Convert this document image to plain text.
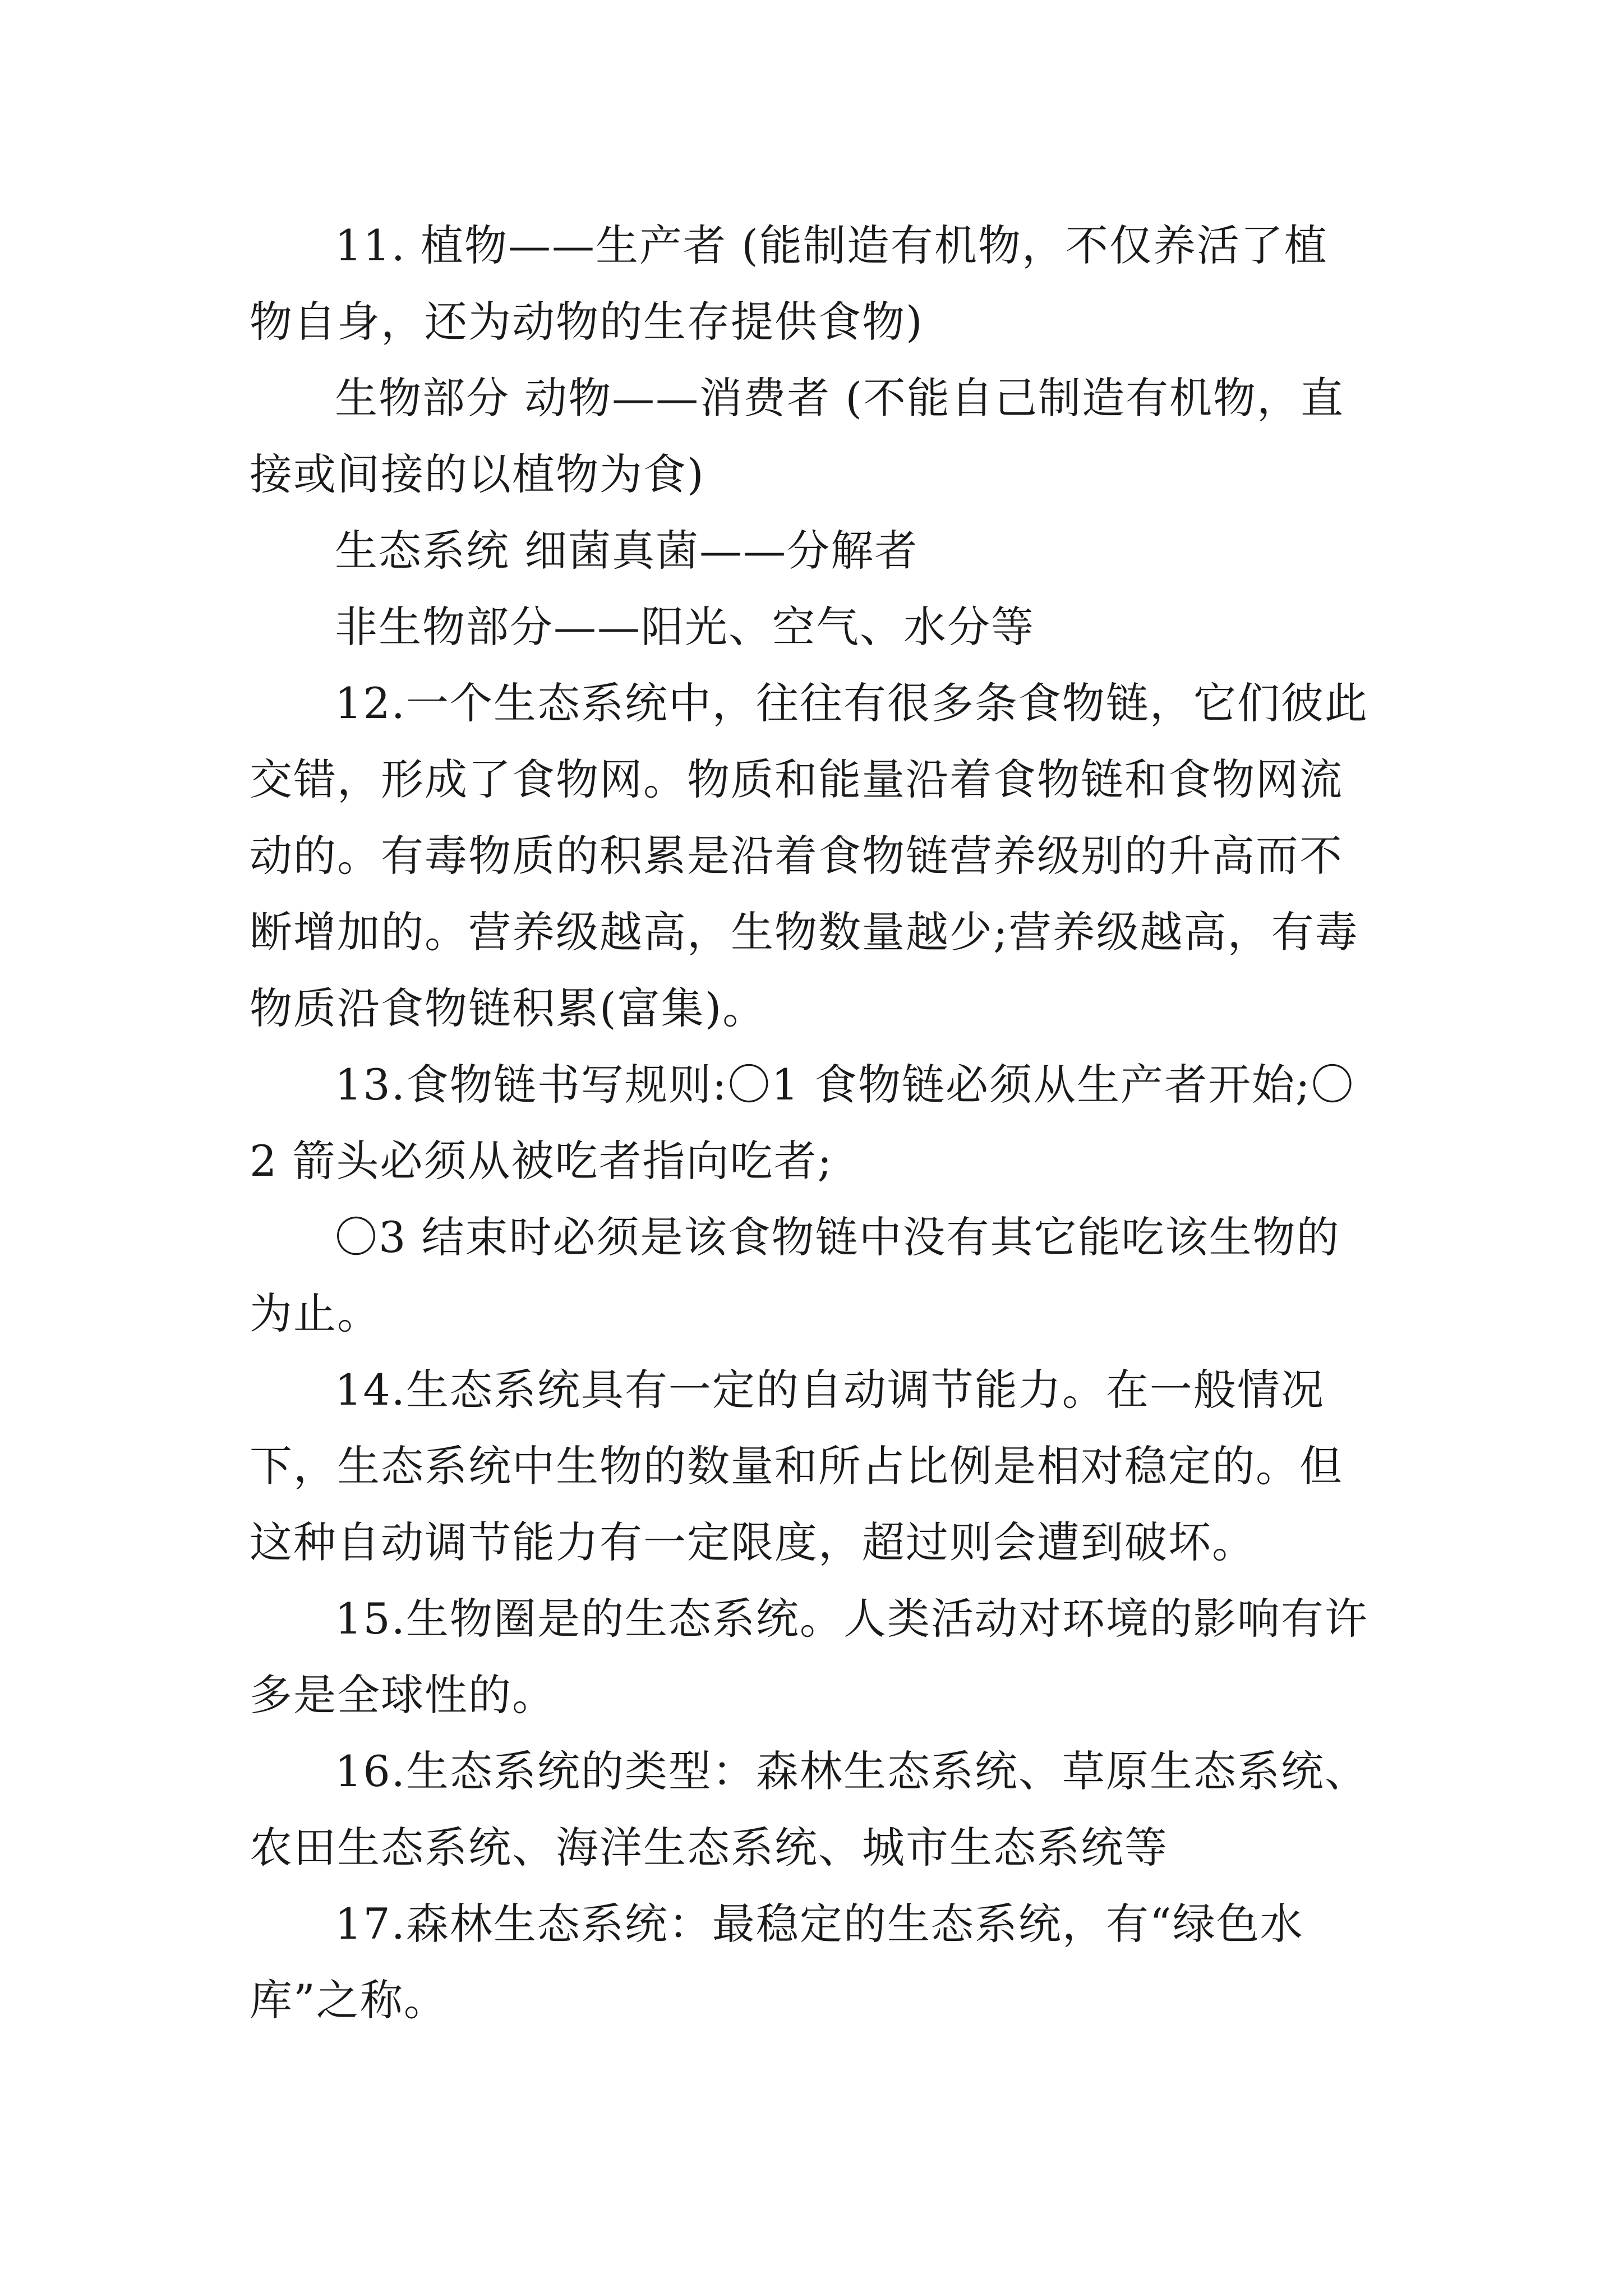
11. 植物——生产者 (能制造有机物，不仅养活了植物自身，还为动物的生存提供食物)

生物部分 动物——消费者 (不能自己制造有机物，直接或间接的以植物为食)

生态系统 细菌真菌——分解者

非生物部分——阳光、空气、水分等

12.一个生态系统中，往往有很多条食物链，它们彼此交错，形成了食物网。物质和能量沿着食物链和食物网流动的。有毒物质的积累是沿着食物链营养级别的升高而不断增加的。营养级越高，生物数量越少;营养级越高，有毒物质沿食物链积累(富集)。

13.食物链书写规则:〇1 食物链必须从生产者开始;〇2 箭头必须从被吃者指向吃者;

〇3 结束时必须是该食物链中没有其它能吃该生物的为止。

14.生态系统具有一定的自动调节能力。在一般情况下，生态系统中生物的数量和所占比例是相对稳定的。但这种自动调节能力有一定限度，超过则会遭到破坏。

15.生物圈是的生态系统。人类活动对环境的影响有许多是全球性的。

16.生态系统的类型：森林生态系统、草原生态系统、农田生态系统、海洋生态系统、城市生态系统等

17.森林生态系统：最稳定的生态系统，有“绿色水库”之称。
